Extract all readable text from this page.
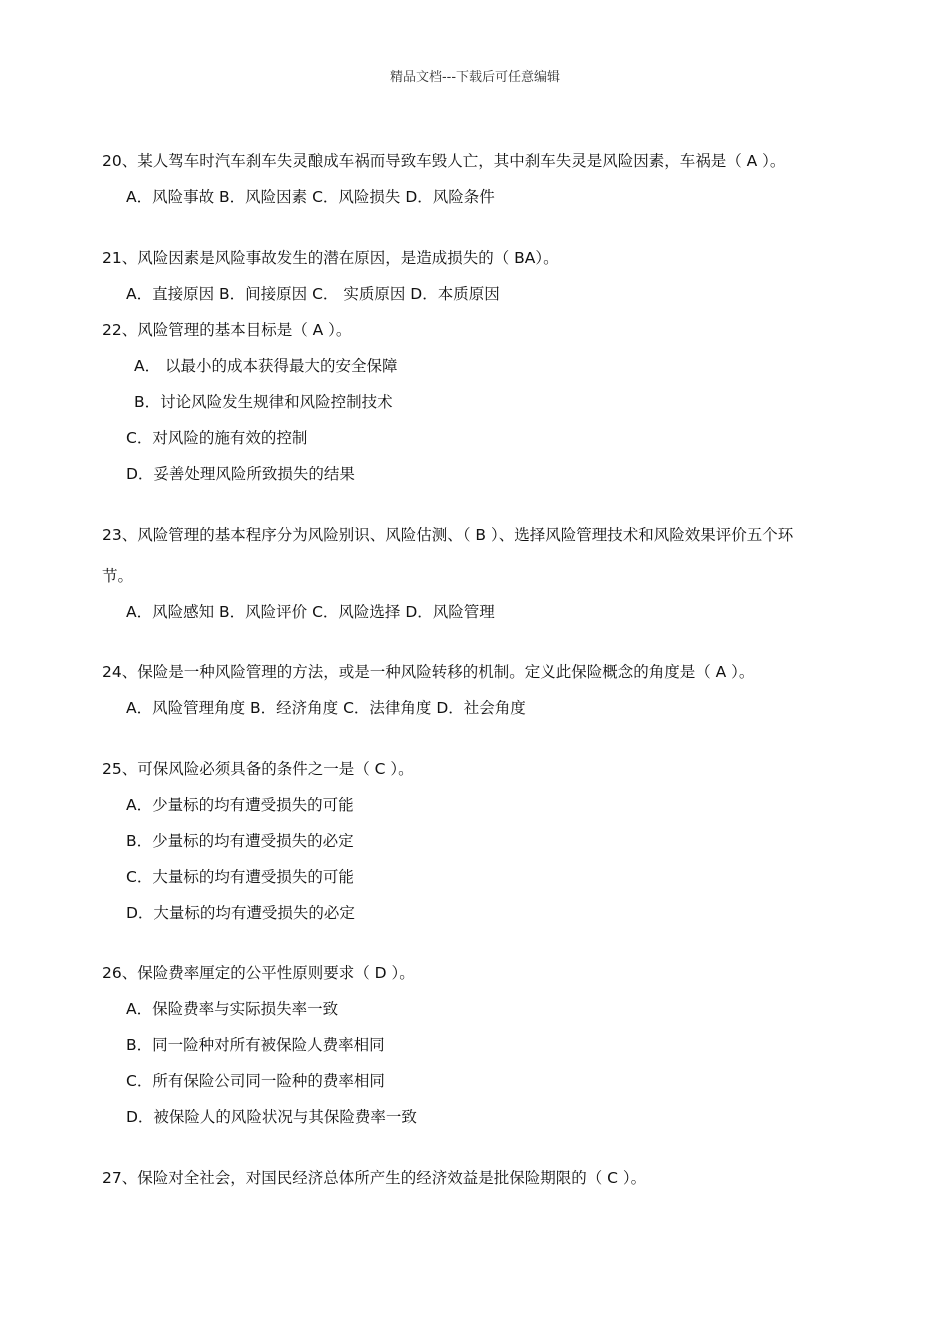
精品文档---下载后可任意编辑
20、某人驾车时汽车刹车失灵酿成车祸而导致车毁人亡，其中刹车失灵是风险因素，车祸是（ A ）。
A．风险事故 B．风险因素 C．风险损失 D．风险条件
21、风险因素是风险事故发生的潜在原因，是造成损失的（ BA）。
A．直接原因 B．间接原因 C． 实质原因 D．本质原因
22、风险管理的基本目标是（ A ）。
A． 以最小的成本获得最大的安全保障
B．讨论风险发生规律和风险控制技术
C．对风险的施有效的控制
D．妥善处理风险所致损失的结果
23、风险管理的基本程序分为风险别识、风险估测、（ B ）、选择风险管理技术和风险效果评价五个环
节。
A．风险感知 B．风险评价 C．风险选择 D．风险管理
24、保险是一种风险管理的方法，或是一种风险转移的机制。定义此保险概念的角度是（ A ）。
A．风险管理角度 B．经济角度 C．法律角度 D．社会角度
25、可保风险必须具备的条件之一是（ C ）。
A．少量标的均有遭受损失的可能
B．少量标的均有遭受损失的必定
C．大量标的均有遭受损失的可能
D．大量标的均有遭受损失的必定
26、保险费率厘定的公平性原则要求（ D ）。
A．保险费率与实际损失率一致
B．同一险种对所有被保险人费率相同
C．所有保险公司同一险种的费率相同
D．被保险人的风险状况与其保险费率一致
27、保险对全社会，对国民经济总体所产生的经济效益是批保险期限的（ C ）。
